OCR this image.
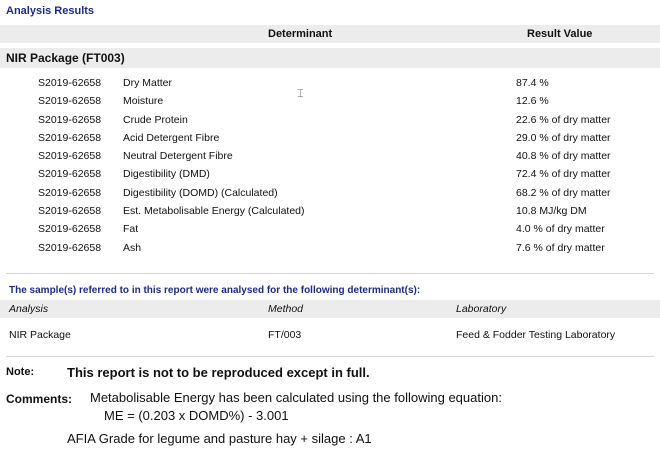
Analysis Results
Determinant	Result Value
NIR Package (FT003)
S2019-62658 Dry Matter	87.4 %
S2019-62658 Moisture	12.6 %
S2019-62658 Crude Protein	22.6 % of dry matter
S2019-62658 Acid Detergent Fibre	29.0 % of dry matter
S2019-62658 Neutral Detergent Fibre	40.8 % of dry matter
S2019-62658 Digestibility (DMD)	72.4 % of dry matter
S2019-62658 Digestibility (DOMD) (Calculated)	68.2 % of dry matter
S2019-62658 Est. Metabolisable Energy (Calculated)	10.8 MJ/kg DM
S2019-62658 Fat	4.0 % of dry matter
S2019-62658 Ash	7.6 % of dry matter
⌶
The sample(s) referred to in this report were analysed for the following determinant(s):
Analysis	Method	Laboratory
NIR Package	FT/003	Feed & Fodder Testing Laboratory
Note:	This report is not to be reproduced except in full.
Comments: Metabolisable Energy has been calculated using the following equation:
ME = (0.203 x DOMD%) - 3.001
AFIA Grade for legume and pasture hay + silage : A1
